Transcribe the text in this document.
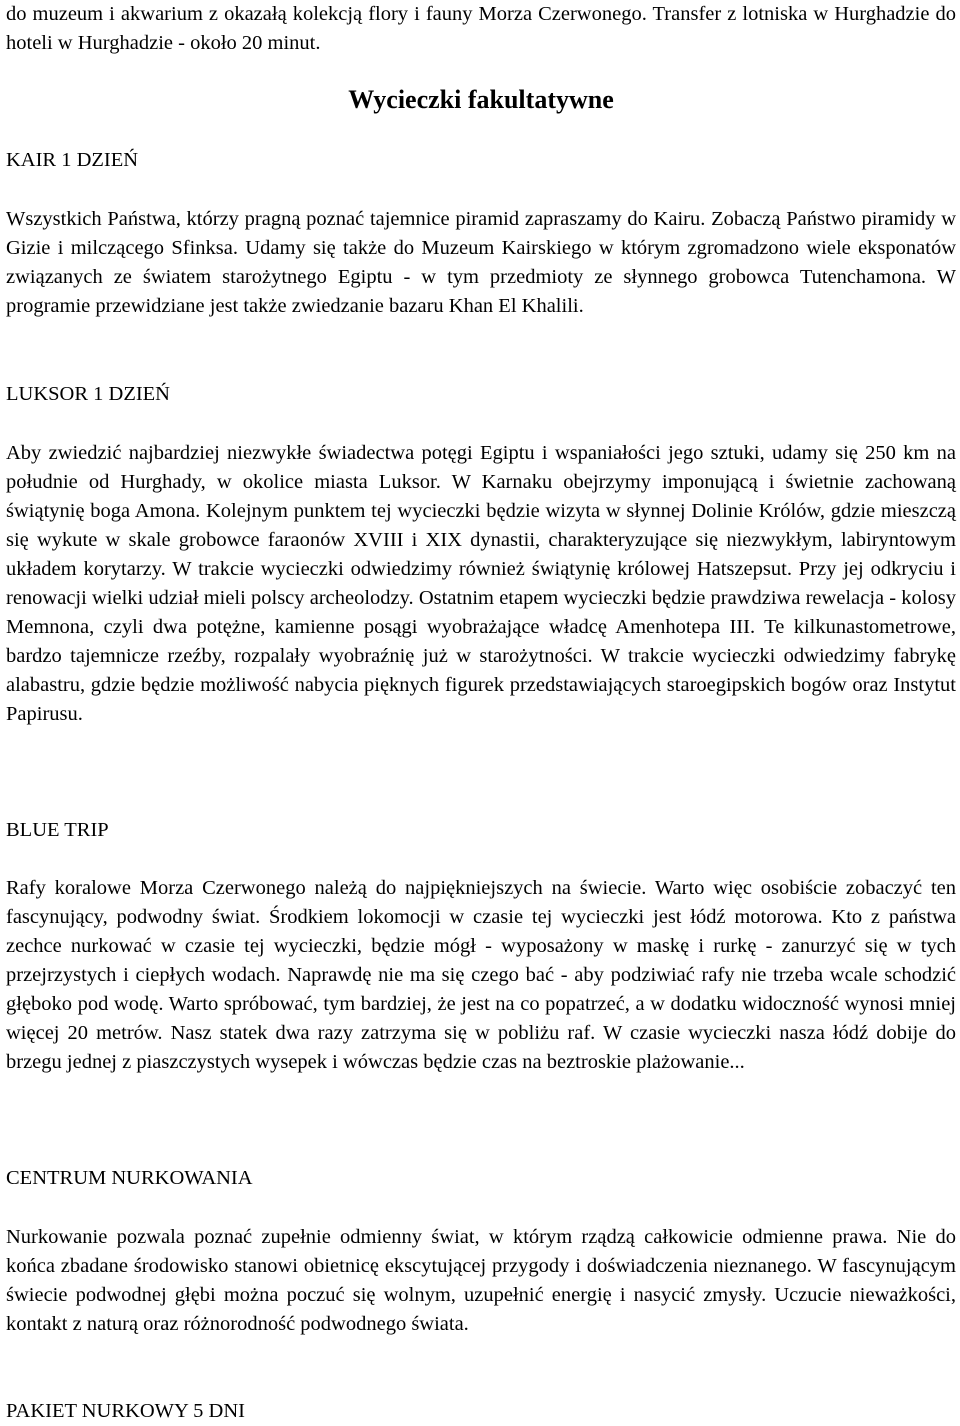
do muzeum i akwarium z okazałą kolekcją flory i fauny Morza Czerwonego. Transfer z lotniska w Hurghadzie do hoteli w Hurghadzie - około 20 minut.

KAIR 1 DZIEŃ

Wycieczki fakultatywne

Wszystkich Państwa, którzy pragną poznać tajemnice piramid zapraszamy do Kairu. Zobaczą Państwo piramidy w Gizie i milczącego Sfinksa. Udamy się także do Muzeum Kairskiego w którym zgromadzono wiele eksponatów związanych ze światem starożytnego Egiptu - w tym przedmioty ze słynnego grobowca Tutenchamona. W programie przewidziane jest także zwiedzanie bazaru Khan El Khalili.

LUKSOR 1 DZIEŃ

Aby zwiedzić najbardziej niezwykłe świadectwa potęgi Egiptu i wspaniałości jego sztuki, udamy się 250 km na południe od Hurghady, w okolice miasta Luksor. W Karnaku obejrzymy imponującą i świetnie zachowaną świątynię boga Amona. Kolejnym punktem tej wycieczki będzie wizyta w słynnej Dolinie Królów, gdzie mieszczą się wykute w skale grobowce faraonów XVIII i XIX dynastii, charakteryzujące się niezwykłym, labiryntowym układem korytarzy. W trakcie wycieczki odwiedzimy również świątynię królowej Hatszepsut. Przy jej odkryciu i renowacji wielki udział mieli polscy archeolodzy. Ostatnim etapem wycieczki będzie prawdziwa rewelacja - kolosy Memnona, czyli dwa potężne, kamienne posągi wyobrażające władcę Amenhotepa III. Te kilkunastometrowe, bardzo tajemnicze rzeźby, rozpalały wyobraźnię już w starożytności. W trakcie wycieczki odwiedzimy fabrykę alabastru, gdzie będzie możliwość nabycia pięknych figurek przedstawiających staroegipskich bogów oraz Instytut Papirusu.

BLUE TRIP

Rafy koralowe Morza Czerwonego należą do najpiękniejszych na świecie. Warto więc osobiście zobaczyć ten fascynujący, podwodny świat. Środkiem lokomocji w czasie tej wycieczki jest łódź motorowa. Kto z państwa zechce nurkować w czasie tej wycieczki, będzie mógł - wyposażony w maskę i rurkę - zanurzyć się w tych przejrzystych i ciepłych wodach. Naprawdę nie ma się czego bać - aby podziwiać rafy nie trzeba wcale schodzić głęboko pod wodę. Warto spróbować, tym bardziej, że jest na co popatrzeć, a w dodatku widoczność wynosi mniej więcej 20 metrów. Nasz statek dwa razy zatrzyma się w pobliżu raf. W czasie wycieczki nasza łódź dobije do brzegu jednej z piaszczystych wysepek i wówczas będzie czas na beztroskie plażowanie...

CENTRUM NURKOWANIA

Nurkowanie pozwala poznać zupełnie odmienny świat, w którym rządzą całkowicie odmienne prawa. Nie do końca zbadane środowisko stanowi obietnicę ekscytującej przygody i doświadczenia nieznanego. W fascynującym świecie podwodnej głębi można poczuć się wolnym, uzupełnić energię i nasycić zmysły. Uczucie nieważkości, kontakt z naturą oraz różnorodność podwodnego świata.

PAKIET NURKOWY 5 DNI
